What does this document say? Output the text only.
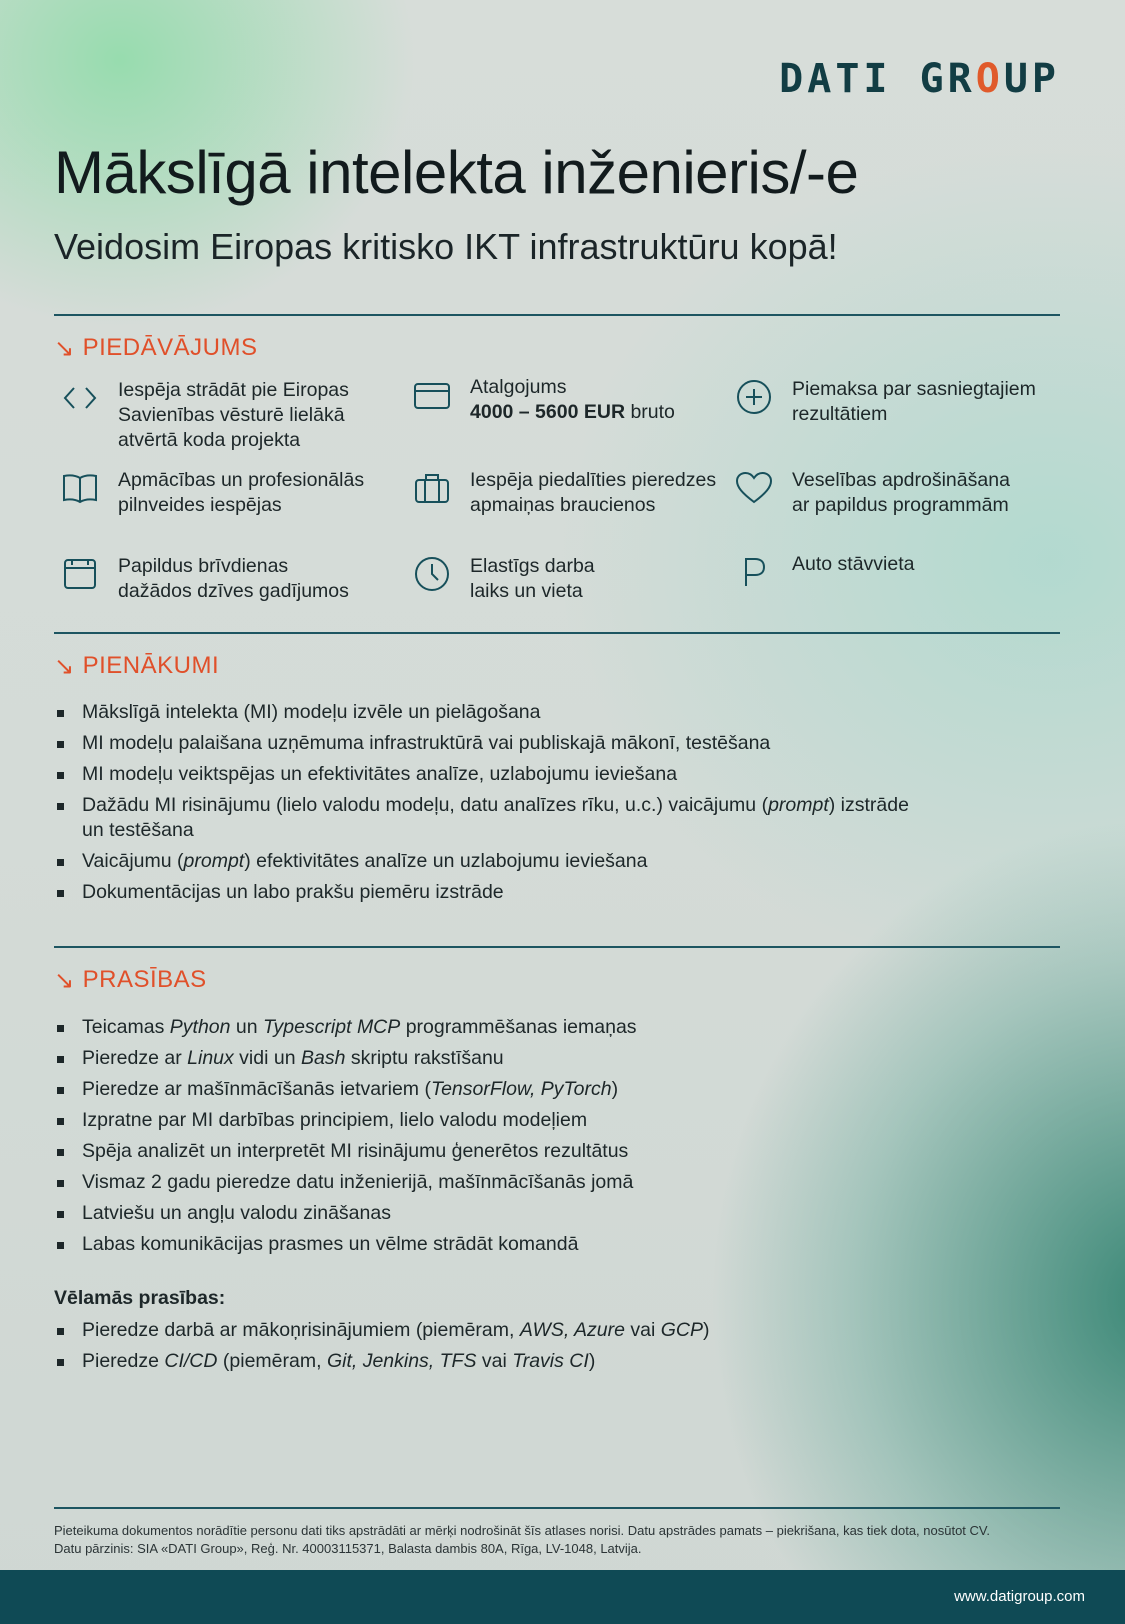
DATI GROUP
Mākslīgā intelekta inženieris/-e
Veidosim Eiropas kritisko IKT infrastruktūru kopā!
↘ PIEDĀVĀJUMS
Iespēja strādāt pie Eiropas
Savienības vēsturē lielākā
atvērtā koda projekta
Atalgojums
4000 – 5600 EUR bruto
Piemaksa par sasniegtajiem
rezultātiem
Apmācības un profesionālās
pilnveides iespējas
Iespēja piedalīties pieredzes
apmaiņas braucienos
Veselības apdrošināšana
ar papildus programmām
Papildus brīvdienas
dažādos dzīves gadījumos
Elastīgs darba
laiks un vieta
Auto stāvvieta
↘ PIENĀKUMI
Mākslīgā intelekta (MI) modeļu izvēle un pielāgošana
MI modeļu palaišana uzņēmuma infrastruktūrā vai publiskajā mākonī, testēšana
MI modeļu veiktspējas un efektivitātes analīze, uzlabojumu ieviešana
Dažādu MI risinājumu (lielo valodu modeļu, datu analīzes rīku, u.c.) vaicājumu (prompt) izstrāde
un testēšana
Vaicājumu (prompt) efektivitātes analīze un uzlabojumu ieviešana
Dokumentācijas un labo prakšu piemēru izstrāde
↘ PRASĪBAS
Teicamas Python un Typescript MCP programmēšanas iemaņas
Pieredze ar Linux vidi un Bash skriptu rakstīšanu
Pieredze ar mašīnmācīšanās ietvariem (TensorFlow, PyTorch)
Izpratne par MI darbības principiem, lielo valodu modeļiem
Spēja analizēt un interpretēt MI risinājumu ģenerētos rezultātus
Vismaz 2 gadu pieredze datu inženierijā, mašīnmācīšanās jomā
Latviešu un angļu valodu zināšanas
Labas komunikācijas prasmes un vēlme strādāt komandā
Vēlamās prasības:
Pieredze darbā ar mākoņrisinājumiem (piemēram, AWS, Azure vai GCP)
Pieredze CI/CD (piemēram, Git, Jenkins, TFS vai Travis CI)
Pieteikuma dokumentos norādītie personu dati tiks apstrādāti ar mērķi nodrošināt šīs atlases norisi. Datu apstrādes pamats – piekrišana, kas tiek dota, nosūtot CV.
Datu pārzinis: SIA «DATI Group», Reģ. Nr. 40003115371, Balasta dambis 80A, Rīga, LV-1048, Latvija.
www.datigroup.com
